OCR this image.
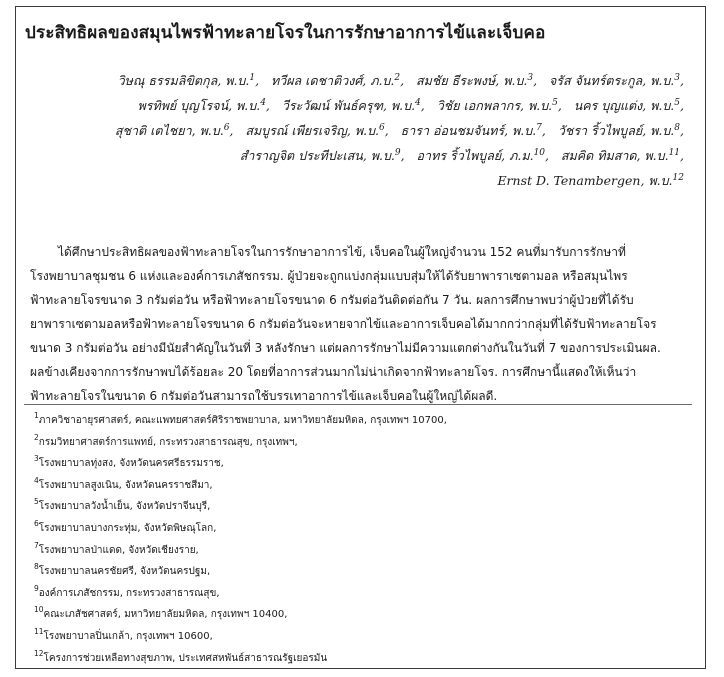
ประสิทธิผลของสมุนไพรฟ้าทะลายโจรในการรักษาอาการไข้และเจ็บคอ
วิษณุ ธรรมลิขิตกุล, พ.บ.$^1$, ทวีผล เดชาติวงศ์, ภ.บ.$^2$, สมชัย ธีระพงษ์, พ.บ.$^3$, จรัส จันทร์ตระกูล, พ.บ.$^3$,
พรทิพย์ บุญโรจน์, พ.บ.$^4$, วีระวัฒน์ พันธ์ครุฑ, พ.บ.$^4$, วิชัย เอกพลากร, พ.บ.$^5$, นคร บุญแต่ง, พ.บ.$^5$,
สุชาติ เตไชยา, พ.บ.$^6$, สมบูรณ์ เพียรเจริญ, พ.บ.$^6$, ธารา อ่อนชมจันทร์, พ.บ.$^7$, วัชรา ริ้วไพบูลย์, พ.บ.$^8$,
สำราญจิต ประทีปะเสน, พ.บ.$^9$, อาทร ริ้วไพบูลย์, ภ.ม.$^{10}$, สมคิด ทิมสาด, พ.บ.$^{11}$,
Ernst D. Tenambergen, พ.บ.$^{12}$
ได้ศึกษาประสิทธิผลของฟ้าทะลายโจรในการรักษาอาการไข้, เจ็บคอในผู้ใหญ่จำนวน 152 คนที่มารับการรักษาที่
โรงพยาบาลชุมชน 6 แห่งและองค์การเภสัชกรรม. ผู้ป่วยจะถูกแบ่งกลุ่มแบบสุ่มให้ได้รับยาพาราเซตามอล หรือสมุนไพร
ฟ้าทะลายโจรขนาด 3 กรัมต่อวัน หรือฟ้าทะลายโจรขนาด 6 กรัมต่อวันติดต่อกัน 7 วัน. ผลการศึกษาพบว่าผู้ป่วยที่ได้รับ
ยาพาราเซตามอลหรือฟ้าทะลายโจรขนาด 6 กรัมต่อวันจะหายจากไข้และอาการเจ็บคอได้มากกว่ากลุ่มที่ได้รับฟ้าทะลายโจร
ขนาด 3 กรัมต่อวัน อย่างมีนัยสำคัญในวันที่ 3 หลังรักษา แต่ผลการรักษาไม่มีความแตกต่างกันในวันที่ 7 ของการประเมินผล.
ผลข้างเคียงจากการรักษาพบได้ร้อยละ 20 โดยที่อาการส่วนมากไม่น่าเกิดจากฟ้าทะลายโจร. การศึกษานี้แสดงให้เห็นว่า
ฟ้าทะลายโจรในขนาด 6 กรัมต่อวันสามารถใช้บรรเทาอาการไข้และเจ็บคอในผู้ใหญ่ได้ผลดี.
$^1$ภาควิชาอายุรศาสตร์, คณะแพทยศาสตร์ศิริราชพยาบาล, มหาวิทยาลัยมหิดล, กรุงเทพฯ 10700,
$^2$กรมวิทยาศาสตร์การแพทย์, กระทรวงสาธารณสุข, กรุงเทพฯ,
$^3$โรงพยาบาลทุ่งสง, จังหวัดนครศรีธรรมราช,
$^4$โรงพยาบาลสูงเนิน, จังหวัดนครราชสีมา,
$^5$โรงพยาบาลวังน้ำเย็น, จังหวัดปราจีนบุรี,
$^6$โรงพยาบาลบางกระทุ่ม, จังหวัดพิษณุโลก,
$^7$โรงพยาบาลป่าแดด, จังหวัดเชียงราย,
$^8$โรงพยาบาลนครชัยศรี, จังหวัดนครปฐม,
$^9$องค์การเภสัชกรรม, กระทรวงสาธารณสุข,
$^{10}$คณะเภสัชศาสตร์, มหาวิทยาลัยมหิดล, กรุงเทพฯ 10400,
$^{11}$โรงพยาบาลปิ่นเกล้า, กรุงเทพฯ 10600,
$^{12}$โครงการช่วยเหลือทางสุขภาพ, ประเทศสหพันธ์สาธารณรัฐเยอรมัน
